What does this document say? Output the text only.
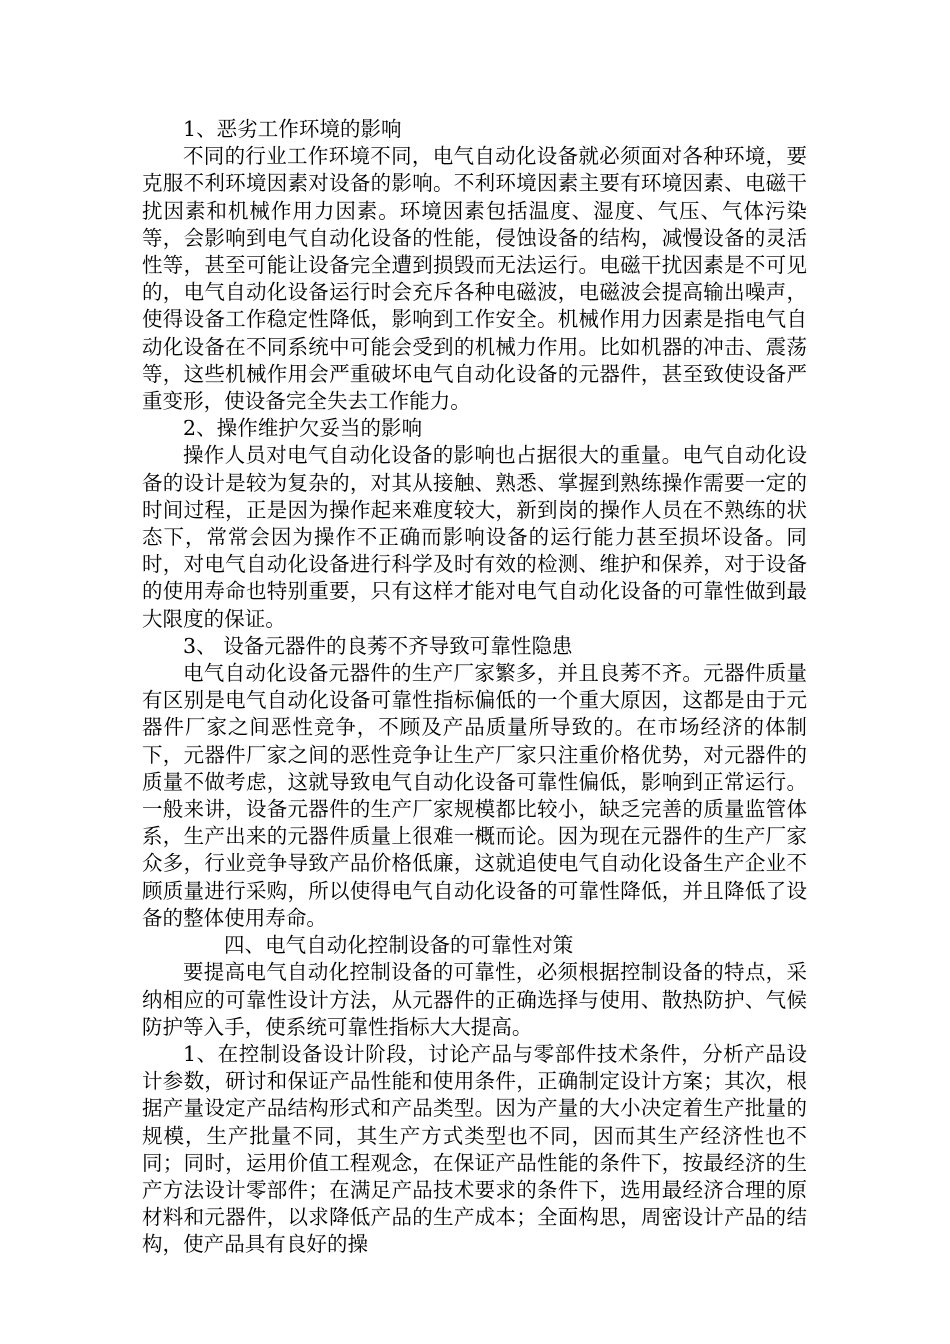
1、恶劣工作环境的影响

不同的行业工作环境不同，电气自动化设备就必须面对各种环境，要克服不利环境因素对设备的影响。不利环境因素主要有环境因素、电磁干扰因素和机械作用力因素。环境因素包括温度、湿度、气压、气体污染等，会影响到电气自动化设备的性能，侵蚀设备的结构，减慢设备的灵活性等，甚至可能让设备完全遭到损毁而无法运行。电磁干扰因素是不可见的，电气自动化设备运行时会充斥各种电磁波，电磁波会提高输出噪声，使得设备工作稳定性降低，影响到工作安全。机械作用力因素是指电气自动化设备在不同系统中可能会受到的机械力作用。比如机器的冲击、震荡等，这些机械作用会严重破坏电气自动化设备的元器件，甚至致使设备严重变形，使设备完全失去工作能力。

2、操作维护欠妥当的影响

操作人员对电气自动化设备的影响也占据很大的重量。电气自动化设备的设计是较为复杂的，对其从接触、熟悉、掌握到熟练操作需要一定的时间过程，正是因为操作起来难度较大，新到岗的操作人员在不熟练的状态下，常常会因为操作不正确而影响设备的运行能力甚至损坏设备。同时，对电气自动化设备进行科学及时有效的检测、维护和保养，对于设备的使用寿命也特别重要，只有这样才能对电气自动化设备的可靠性做到最大限度的保证。

3、 设备元器件的良莠不齐导致可靠性隐患

电气自动化设备元器件的生产厂家繁多，并且良莠不齐。元器件质量有区别是电气自动化设备可靠性指标偏低的一个重大原因，这都是由于元器件厂家之间恶性竞争，不顾及产品质量所导致的。在市场经济的体制下，元器件厂家之间的恶性竞争让生产厂家只注重价格优势，对元器件的质量不做考虑，这就导致电气自动化设备可靠性偏低，影响到正常运行。一般来讲，设备元器件的生产厂家规模都比较小，缺乏完善的质量监管体系，生产出来的元器件质量上很难一概而论。因为现在元器件的生产厂家众多，行业竞争导致产品价格低廉，这就追使电气自动化设备生产企业不顾质量进行采购，所以使得电气自动化设备的可靠性降低，并且降低了设备的整体使用寿命。

四、电气自动化控制设备的可靠性对策

要提高电气自动化控制设备的可靠性，必须根据控制设备的特点，采纳相应的可靠性设计方法，从元器件的正确选择与使用、散热防护、气候防护等入手，使系统可靠性指标大大提高。

1、在控制设备设计阶段，讨论产品与零部件技术条件，分析产品设计参数，研讨和保证产品性能和使用条件，正确制定设计方案；其次，根据产量设定产品结构形式和产品类型。因为产量的大小决定着生产批量的规模，生产批量不同，其生产方式类型也不同，因而其生产经济性也不同；同时，运用价值工程观念，在保证产品性能的条件下，按最经济的生产方法设计零部件；在满足产品技术要求的条件下，选用最经济合理的原材料和元器件，以求降低产品的生产成本；全面构思，周密设计产品的结构，使产品具有良好的操
